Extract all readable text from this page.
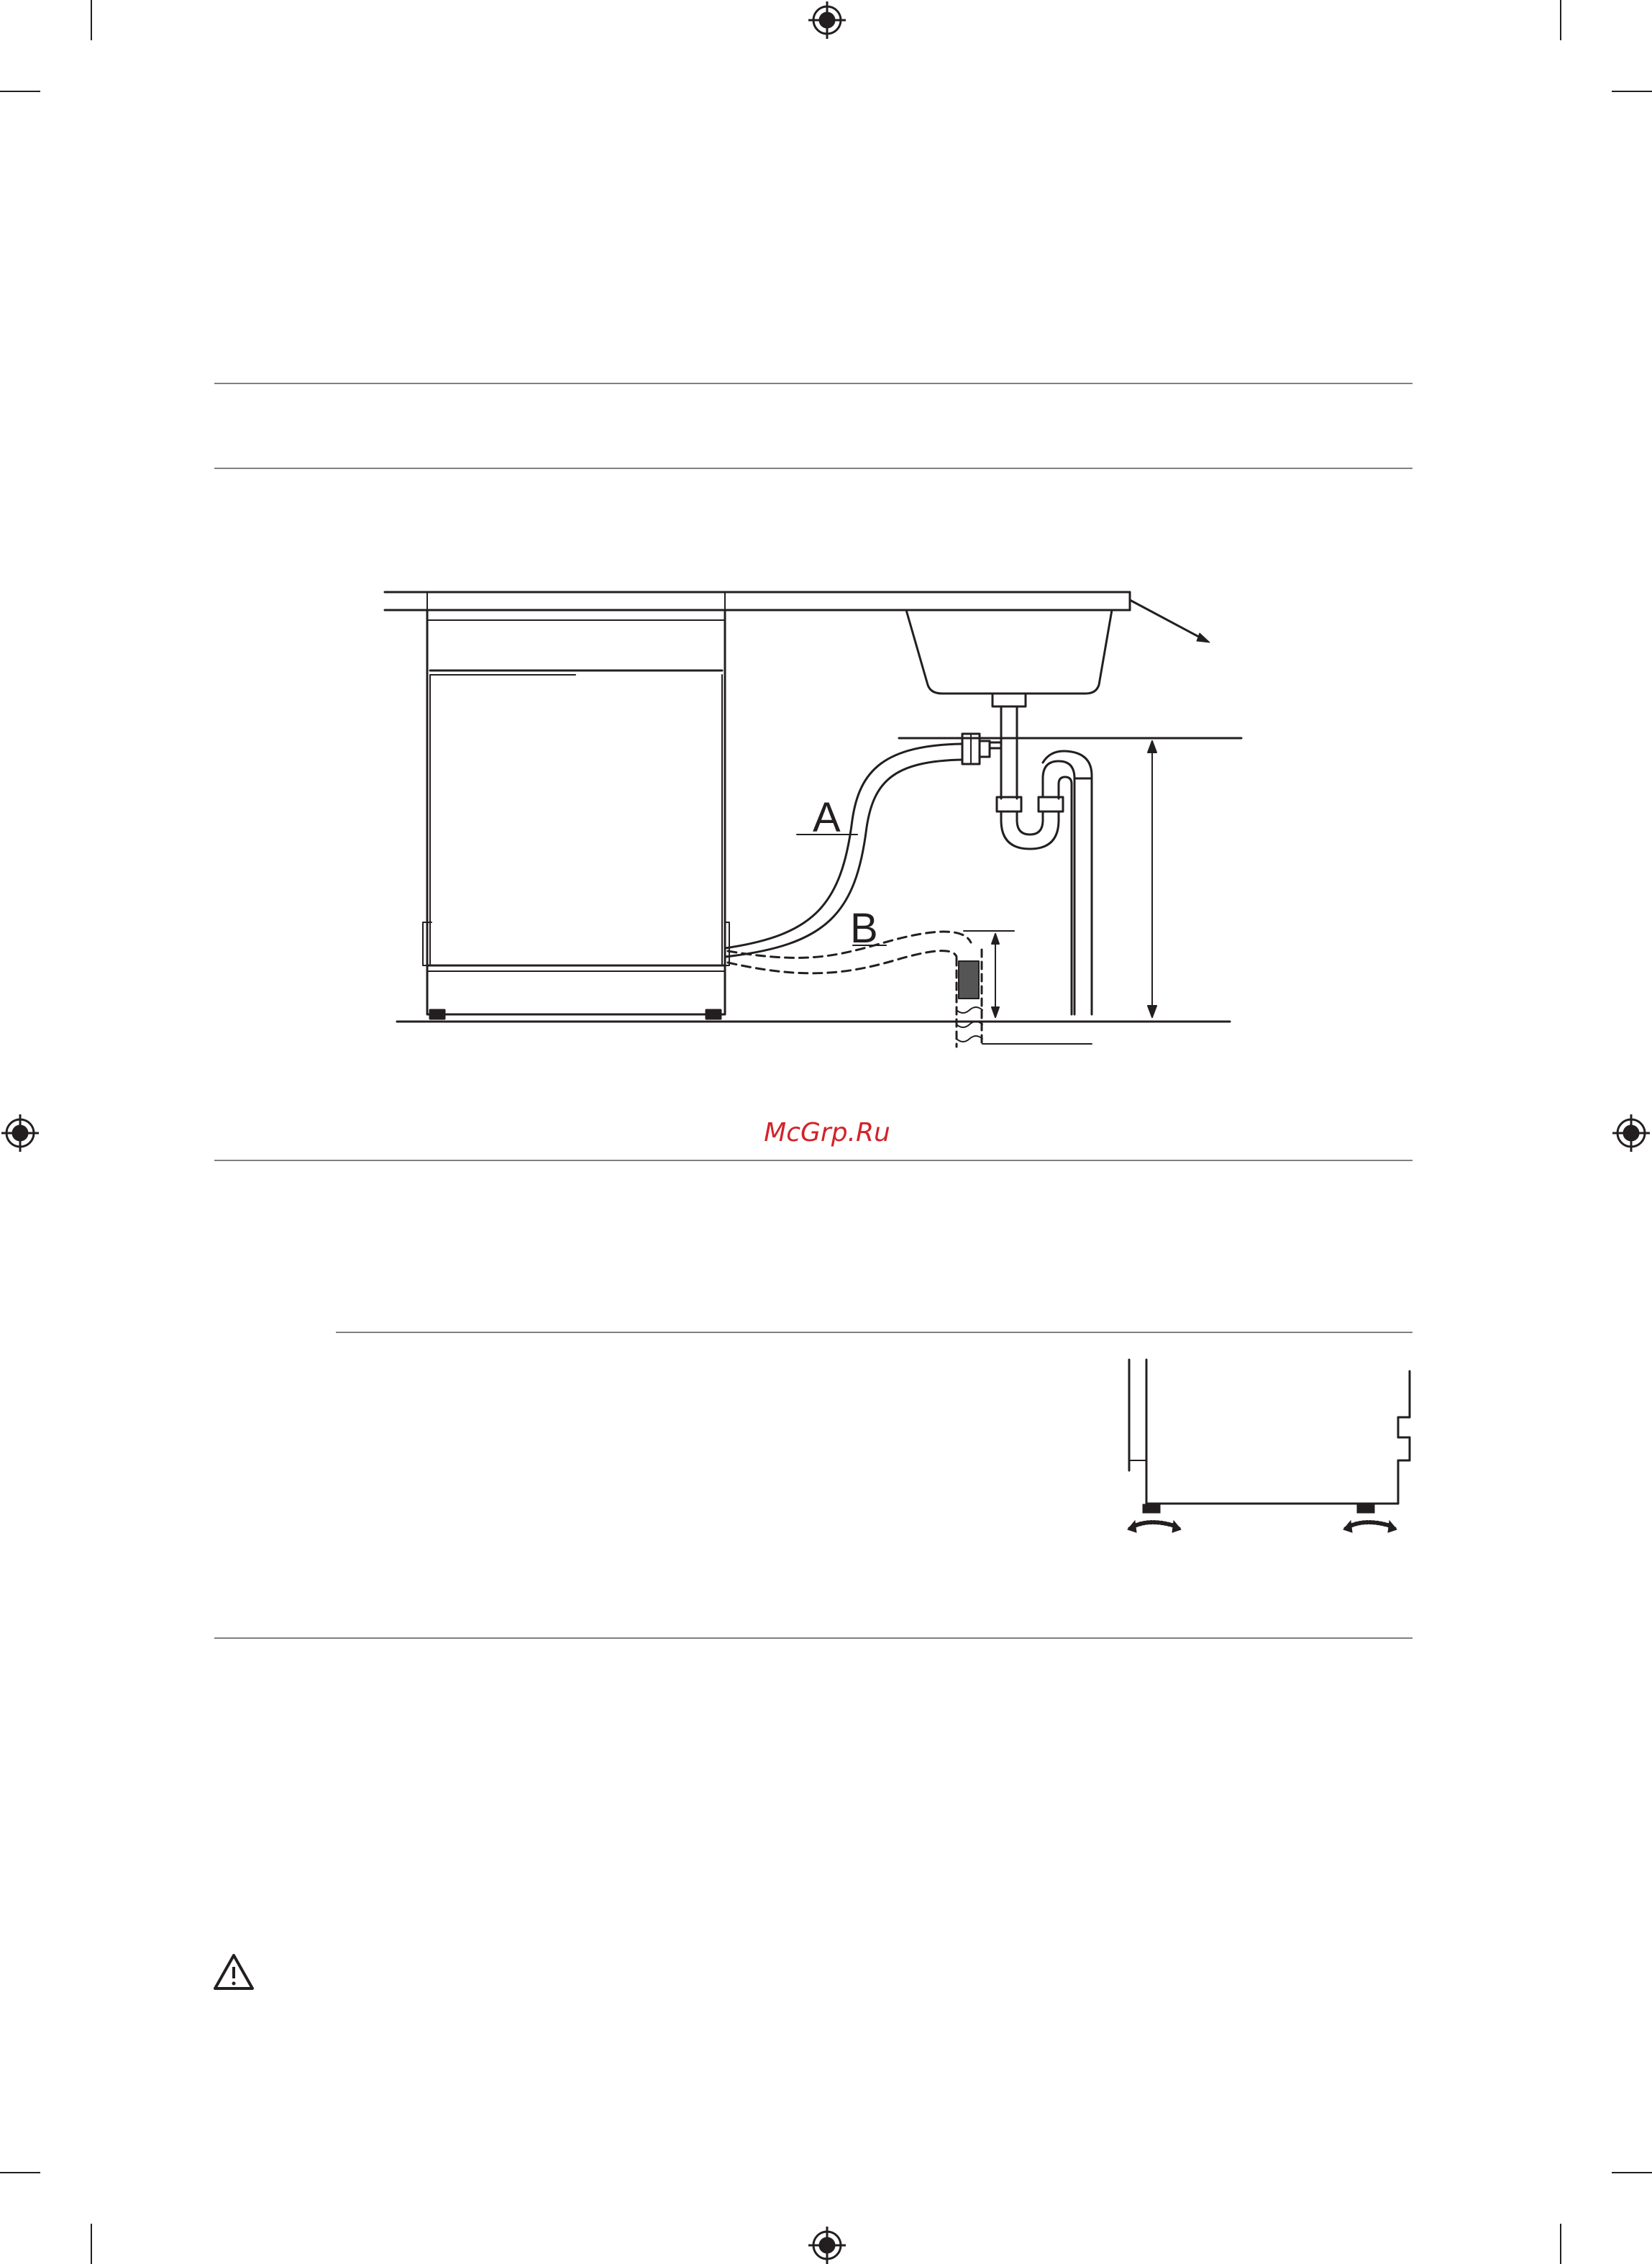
A
B
McGrp.Ru
